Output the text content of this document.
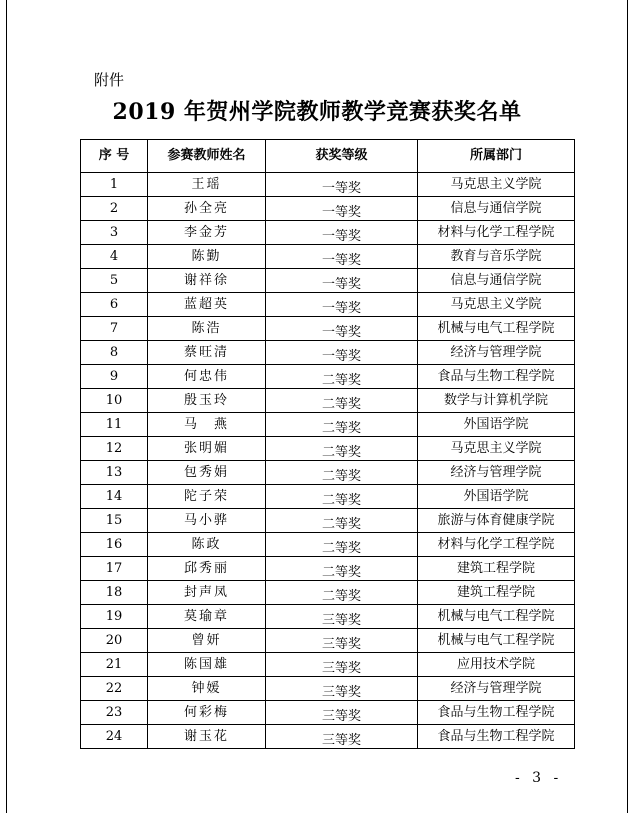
附件
2019 年贺州学院教师教学竞赛获奖名单
序 号	参赛教师姓名	获奖等级	所属部门
1	王瑶	一等奖	马克思主义学院
2	孙全亮	一等奖	信息与通信学院
3	李金芳	一等奖	材料与化学工程学院
4	陈勤	一等奖	教育与音乐学院
5	谢祥徐	一等奖	信息与通信学院
6	蓝超英	一等奖	马克思主义学院
7	陈浩	一等奖	机械与电气工程学院
8	蔡旺清	一等奖	经济与管理学院
9	何忠伟	二等奖	食品与生物工程学院
10	殷玉玲	二等奖	数学与计算机学院
11	马　燕	二等奖	外国语学院
12	张明媚	二等奖	马克思主义学院
13	包秀娟	二等奖	经济与管理学院
14	陀子荣	二等奖	外国语学院
15	马小骅	二等奖	旅游与体育健康学院
16	陈政	二等奖	材料与化学工程学院
17	邱秀丽	二等奖	建筑工程学院
18	封声凤	二等奖	建筑工程学院
19	莫瑜章	三等奖	机械与电气工程学院
20	曾妍	三等奖	机械与电气工程学院
21	陈国雄	三等奖	应用技术学院
22	钟媛	三等奖	经济与管理学院
23	何彩梅	三等奖	食品与生物工程学院
24	谢玉花	三等奖	食品与生物工程学院
- 3 -
